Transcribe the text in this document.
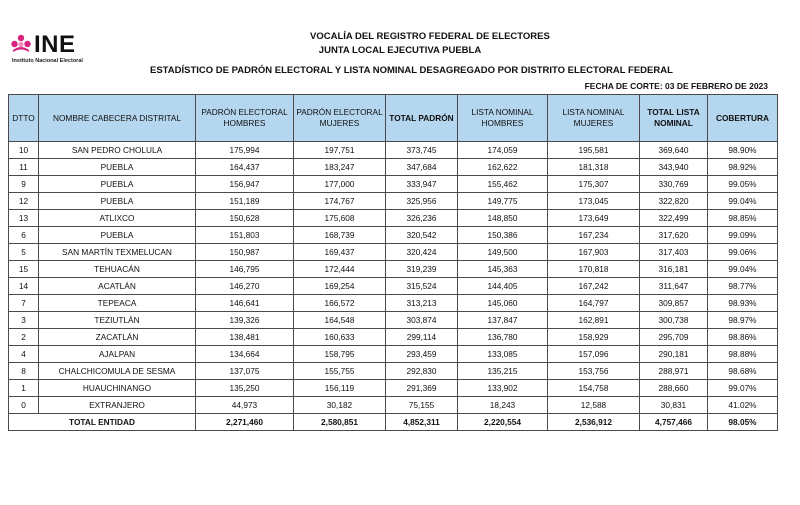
INE
Instituto Nacional Electoral
VOCALÍA DEL REGISTRO FEDERAL DE ELECTORES
JUNTA LOCAL EJECUTIVA PUEBLA
ESTADÍSTICO DE PADRÓN ELECTORAL Y LISTA NOMINAL DESAGREGADO POR DISTRITO ELECTORAL FEDERAL
FECHA DE CORTE: 03 DE FEBRERO DE 2023
DTTO	NOMBRE CABECERA DISTRITAL	PADRÓN ELECTORAL HOMBRES	PADRÓN ELECTORAL MUJERES	TOTAL PADRÓN	LISTA NOMINAL HOMBRES	LISTA NOMINAL MUJERES	TOTAL LISTA NOMINAL	COBERTURA
10	SAN PEDRO CHOLULA	175,994	197,751	373,745	174,059	195,581	369,640	98.90%
11	PUEBLA	164,437	183,247	347,684	162,622	181,318	343,940	98.92%
9	PUEBLA	156,947	177,000	333,947	155,462	175,307	330,769	99.05%
12	PUEBLA	151,189	174,767	325,956	149,775	173,045	322,820	99.04%
13	ATLIXCO	150,628	175,608	326,236	148,850	173,649	322,499	98.85%
6	PUEBLA	151,803	168,739	320,542	150,386	167,234	317,620	99.09%
5	SAN MARTÍN TEXMELUCAN	150,987	169,437	320,424	149,500	167,903	317,403	99.06%
15	TEHUACÁN	146,795	172,444	319,239	145,363	170,818	316,181	99.04%
14	ACATLÁN	146,270	169,254	315,524	144,405	167,242	311,647	98.77%
7	TEPEACA	146,641	166,572	313,213	145,060	164,797	309,857	98.93%
3	TEZIUTLÁN	139,326	164,548	303,874	137,847	162,891	300,738	98.97%
2	ZACATLÁN	138,481	160,633	299,114	136,780	158,929	295,709	98.86%
4	AJALPAN	134,664	158,795	293,459	133,085	157,096	290,181	98.88%
8	CHALCHICOMULA DE SESMA	137,075	155,755	292,830	135,215	153,756	288,971	98.68%
1	HUAUCHINANGO	135,250	156,119	291,369	133,902	154,758	288,660	99.07%
0	EXTRANJERO	44,973	30,182	75,155	18,243	12,588	30,831	41.02%
TOTAL ENTIDAD		2,271,460	2,580,851	4,852,311	2,220,554	2,536,912	4,757,466	98.05%
